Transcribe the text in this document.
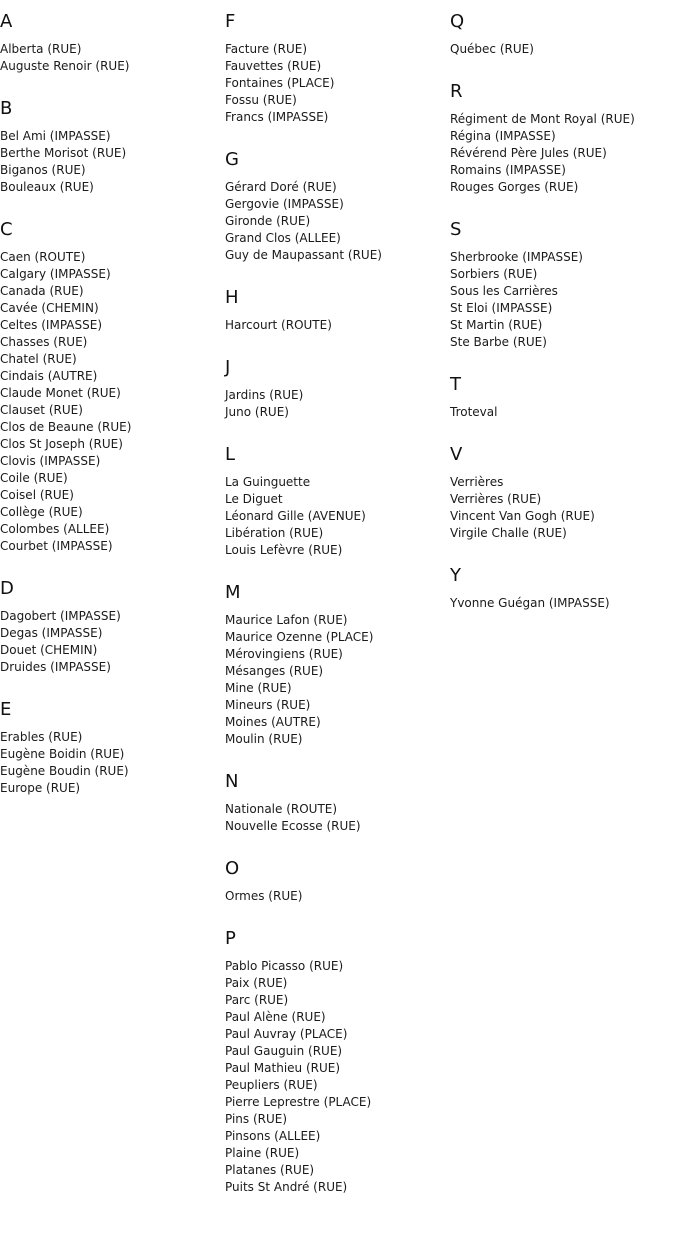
A
Alberta (RUE)
Auguste Renoir (RUE)
B
Bel Ami (IMPASSE)
Berthe Morisot (RUE)
Biganos (RUE)
Bouleaux (RUE)
C
Caen (ROUTE)
Calgary (IMPASSE)
Canada (RUE)
Cavée (CHEMIN)
Celtes (IMPASSE)
Chasses (RUE)
Chatel (RUE)
Cindais (AUTRE)
Claude Monet (RUE)
Clauset (RUE)
Clos de Beaune (RUE)
Clos St Joseph (RUE)
Clovis (IMPASSE)
Coile (RUE)
Coisel (RUE)
Collège (RUE)
Colombes (ALLEE)
Courbet (IMPASSE)
D
Dagobert (IMPASSE)
Degas (IMPASSE)
Douet (CHEMIN)
Druides (IMPASSE)
E
Erables (RUE)
Eugène Boidin (RUE)
Eugène Boudin (RUE)
Europe (RUE)
F
Facture (RUE)
Fauvettes (RUE)
Fontaines (PLACE)
Fossu (RUE)
Francs (IMPASSE)
G
Gérard Doré (RUE)
Gergovie (IMPASSE)
Gironde (RUE)
Grand Clos (ALLEE)
Guy de Maupassant (RUE)
H
Harcourt (ROUTE)
J
Jardins (RUE)
Juno (RUE)
L
La Guinguette
Le Diguet
Léonard Gille (AVENUE)
Libération (RUE)
Louis Lefèvre (RUE)
M
Maurice Lafon (RUE)
Maurice Ozenne (PLACE)
Mérovingiens (RUE)
Mésanges (RUE)
Mine (RUE)
Mineurs (RUE)
Moines (AUTRE)
Moulin (RUE)
N
Nationale (ROUTE)
Nouvelle Ecosse (RUE)
O
Ormes (RUE)
P
Pablo Picasso (RUE)
Paix (RUE)
Parc (RUE)
Paul Alène (RUE)
Paul Auvray (PLACE)
Paul Gauguin (RUE)
Paul Mathieu (RUE)
Peupliers (RUE)
Pierre Leprestre (PLACE)
Pins (RUE)
Pinsons (ALLEE)
Plaine (RUE)
Platanes (RUE)
Puits St André (RUE)
Q
Québec (RUE)
R
Régiment de Mont Royal (RUE)
Régina (IMPASSE)
Révérend Père Jules (RUE)
Romains (IMPASSE)
Rouges Gorges (RUE)
S
Sherbrooke (IMPASSE)
Sorbiers (RUE)
Sous les Carrières
St Eloi (IMPASSE)
St Martin (RUE)
Ste Barbe (RUE)
T
Troteval
V
Verrières
Verrières (RUE)
Vincent Van Gogh (RUE)
Virgile Challe (RUE)
Y
Yvonne Guégan (IMPASSE)
